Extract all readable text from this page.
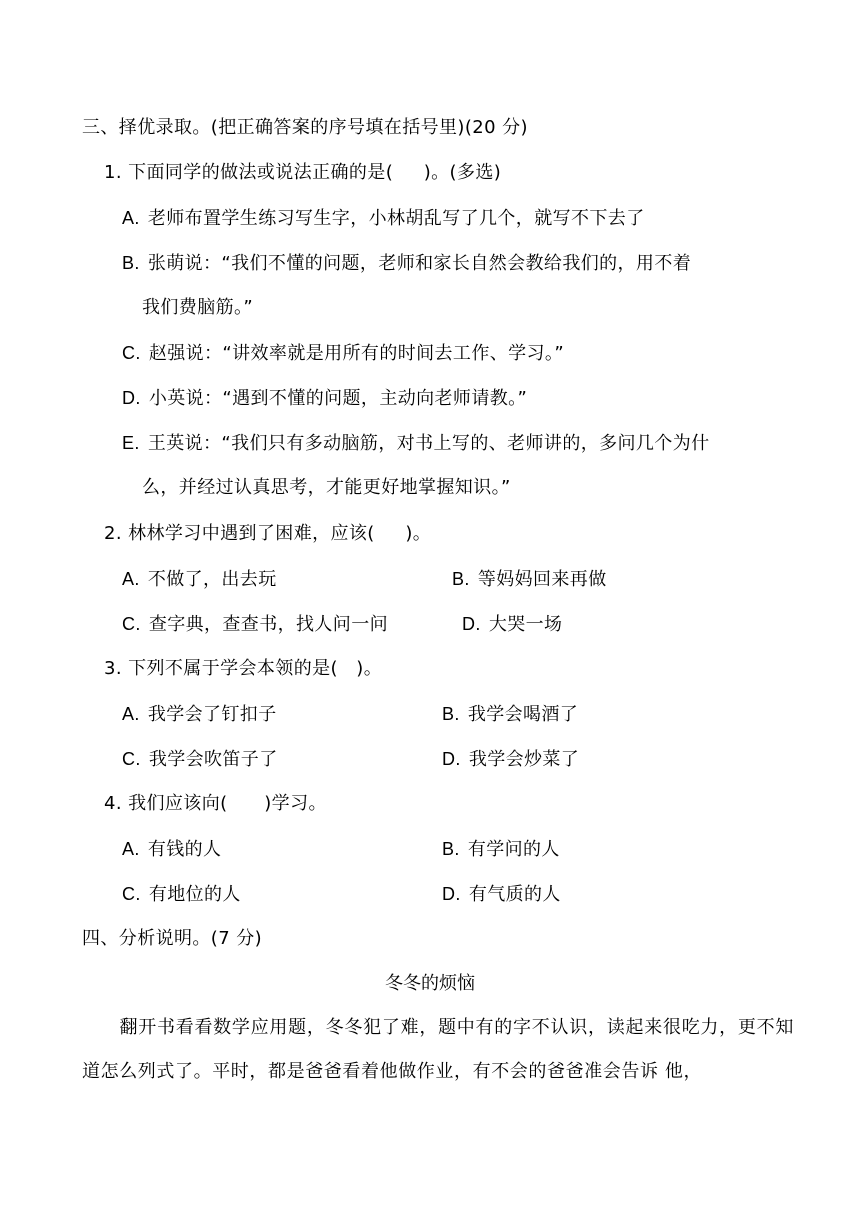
三、择优录取。(把正确答案的序号填在括号里)(20 分)
1. 下面同学的做法或说法正确的是(     )。(多选)
A. 老师布置学生练习写生字，小林胡乱写了几个，就写不下去了
B. 张萌说：“我们不懂的问题，老师和家长自然会教给我们的，用不着
我们费脑筋。”
C. 赵强说：“讲效率就是用所有的时间去工作、学习。”
D. 小英说：“遇到不懂的问题，主动向老师请教。”
E. 王英说：“我们只有多动脑筋，对书上写的、老师讲的，多问几个为什
么，并经过认真思考，才能更好地掌握知识。”
2. 林林学习中遇到了困难，应该(     )。
A. 不做了，出去玩	B. 等妈妈回来再做
C. 查字典，查查书，找人问一问	D. 大哭一场
3. 下列不属于学会本领的是(   )。
A. 我学会了钉扣子	B. 我学会喝酒了
C. 我学会吹笛子了	D. 我学会炒菜了
4. 我们应该向(      )学习。
A. 有钱的人	B. 有学问的人
C. 有地位的人	D. 有气质的人
四、分析说明。(7 分)
冬冬的烦恼
　　翻开书看看数学应用题，冬冬犯了难，题中有的字不认识，读起来很吃力，更不知道怎么列式了。平时，都是爸爸看着他做作业，有不会的爸爸准会告诉 他，
